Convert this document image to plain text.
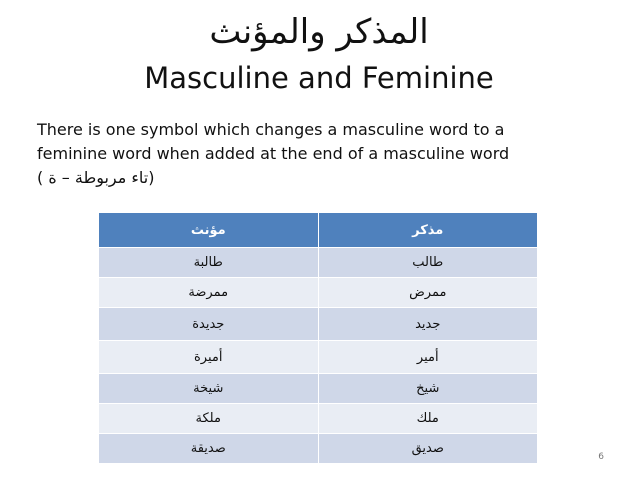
المذكر والمؤنث
Masculine and Feminine
There is one symbol which changes a masculine word to a
feminine word when added at the end of a masculine word

( تاء مربوطة – ة)
مؤنث	مذكر
طالبة	طالب
ممرضة	ممرض
جديدة	جديد
أميرة	أمير
شيخة	شيخ
ملكة	ملك
صديقة	صديق
6
